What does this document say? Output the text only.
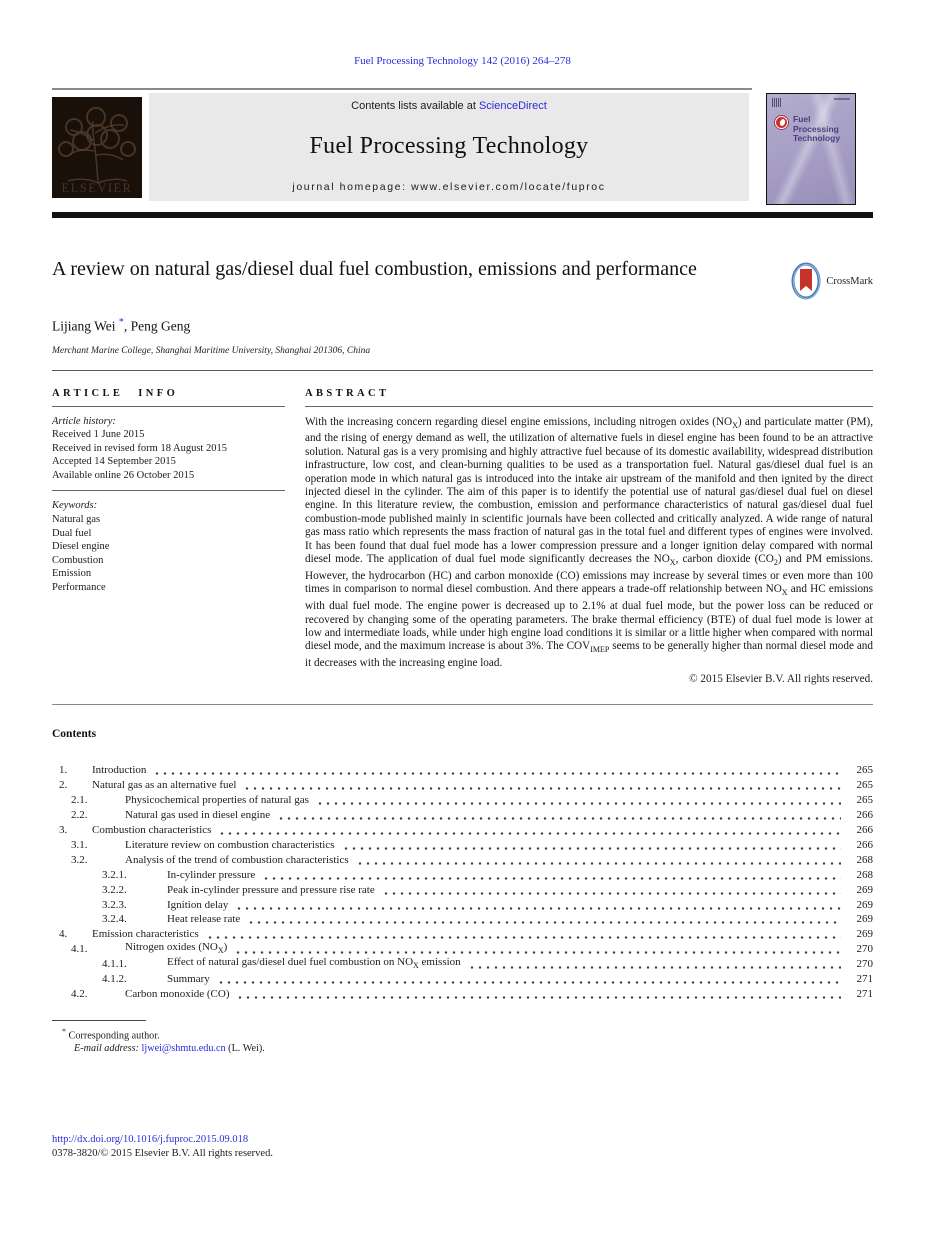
Fuel Processing Technology 142 (2016) 264–278
ELSEVIER
Contents lists available at ScienceDirect
Fuel Processing Technology
journal homepage: www.elsevier.com/locate/fuproc
Fuel
Processing
Technology
A review on natural gas/diesel dual fuel combustion, emissions and performance
CrossMark
Lijiang Wei *, Peng Geng
Merchant Marine College, Shanghai Maritime University, Shanghai 201306, China
ARTICLE INFO
Article history:
Received 1 June 2015
Received in revised form 18 August 2015
Accepted 14 September 2015
Available online 26 October 2015
Keywords:
Natural gas
Dual fuel
Diesel engine
Combustion
Emission
Performance
ABSTRACT

With the increasing concern regarding diesel engine emissions, including nitrogen oxides $(NO_X)$ and particulate matter (PM), and the rising of energy demand as well, the utilization of alternative fuels in diesel engine has been found to be an attractive solution. Natural gas is a very promising and highly attractive fuel because of its domestic availability, widespread distribution infrastructure, low cost, and clean-burning qualities to be used as a transportation fuel. Natural gas/diesel dual fuel is an operation mode in which natural gas is introduced into the intake air upstream of the manifold and then ignited by the direct injected diesel in the cylinder. The aim of this paper is to identify the potential use of natural gas/diesel dual fuel on diesel engine. In this literature review, the combustion, emission and performance characteristics of natural gas/diesel dual fuel combustion-mode published mainly in scientific journals have been collected and critically analyzed. A wide range of natural gas mass ratio which represents the mass fraction of natural gas in the total fuel and different types of engines were involved. It has been found that dual fuel mode has a lower compression pressure and a longer ignition delay compared with normal diesel mode. The application of dual fuel mode significantly decreases the $NO_X$, carbon dioxide $(CO_2)$ and PM emissions. However, the hydrocarbon (HC) and carbon monoxide (CO) emissions may increase by several times or even more than 100 times in comparison to normal diesel combustion. And there appears a trade-off relationship between $NO_X$ and HC emissions with dual fuel mode. The engine power is decreased up to 2.1% at dual fuel mode, but the power loss can be reduced or recovered by changing some of the operating parameters. The brake thermal efficiency (BTE) of dual fuel mode is lower at low and intermediate loads, while under high engine load conditions it is similar or a little higher when compared with normal diesel mode, and the maximum increase is about 3%. The $COV_{IMEP}$ seems to be generally higher than normal diesel mode and it decreases with the increasing engine load.

© 2015 Elsevier B.V. All rights reserved.
Contents
1.	Introduction	265
2.	Natural gas as an alternative fuel	265
2.1.	Physicochemical properties of natural gas	265
2.2.	Natural gas used in diesel engine	266
3.	Combustion characteristics	266
3.1.	Literature review on combustion characteristics	266
3.2.	Analysis of the trend of combustion characteristics	268
3.2.1.	In-cylinder pressure	268
3.2.2.	Peak in-cylinder pressure and pressure rise rate	269
3.2.3.	Ignition delay	269
3.2.4.	Heat release rate	269
4.	Emission characteristics	269
4.1.	Nitrogen oxides $(NO_X)$	270
4.1.1.	Effect of natural gas/diesel duel fuel combustion on $NO_X$ emission	270
4.1.2.	Summary	271
4.2.	Carbon monoxide (CO)	271
* Corresponding author.
E-mail address: ljwei@shmtu.edu.cn (L. Wei).
http://dx.doi.org/10.1016/j.fuproc.2015.09.018
0378-3820/© 2015 Elsevier B.V. All rights reserved.
